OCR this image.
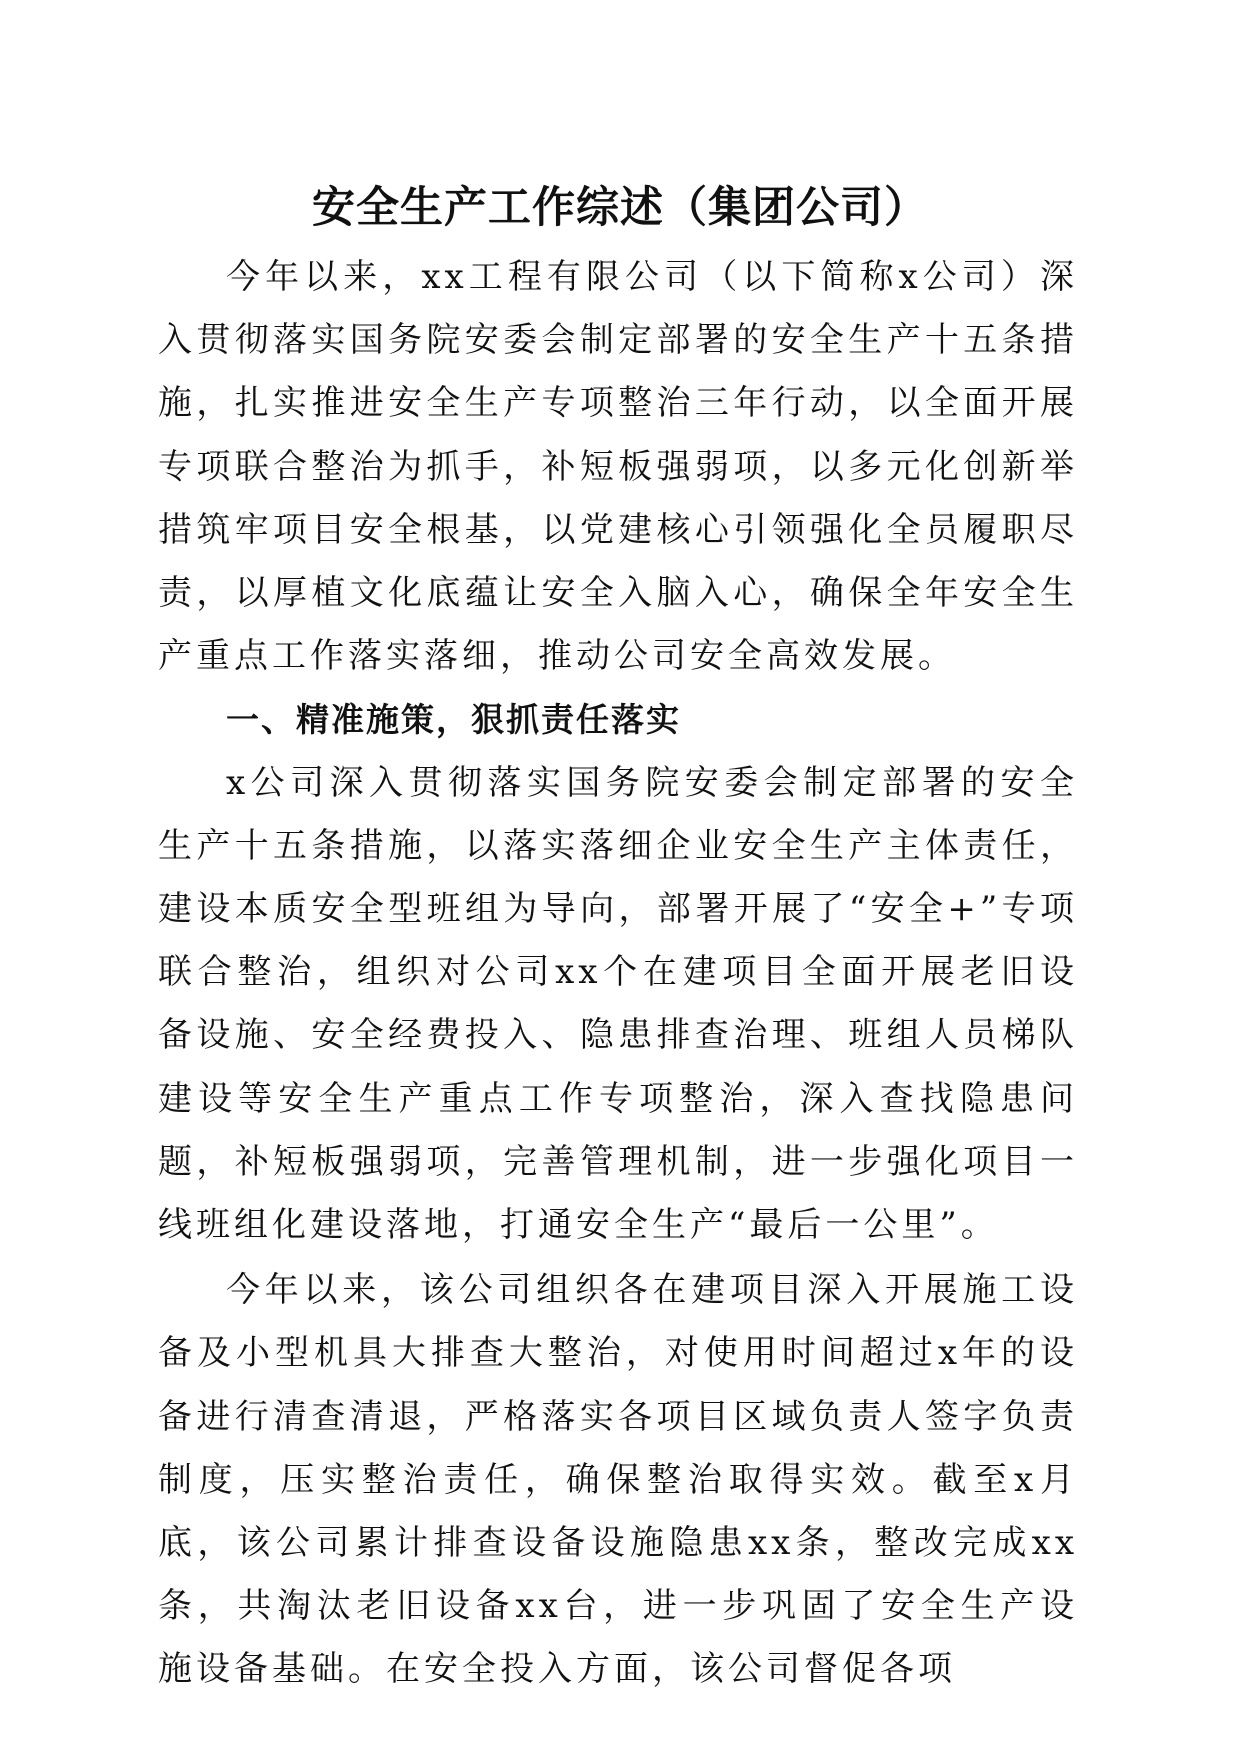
安全生产工作综述（集团公司）

今年以来，xx工程有限公司（以下简称x公司）深入贯彻落实国务院安委会制定部署的安全生产十五条措施，扎实推进安全生产专项整治三年行动，以全面开展专项联合整治为抓手，补短板强弱项，以多元化创新举措筑牢项目安全根基，以党建核心引领强化全员履职尽责，以厚植文化底蕴让安全入脑入心，确保全年安全生产重点工作落实落细，推动公司安全高效发展。

一、精准施策，狠抓责任落实

x公司深入贯彻落实国务院安委会制定部署的安全生产十五条措施，以落实落细企业安全生产主体责任，建设本质安全型班组为导向，部署开展了“安全+”专项联合整治，组织对公司xx个在建项目全面开展老旧设备设施、安全经费投入、隐患排查治理、班组人员梯队建设等安全生产重点工作专项整治，深入查找隐患问题，补短板强弱项，完善管理机制，进一步强化项目一线班组化建设落地，打通安全生产“最后一公里”。

今年以来，该公司组织各在建项目深入开展施工设备及小型机具大排查大整治，对使用时间超过x年的设备进行清查清退，严格落实各项目区域负责人签字负责制度，压实整治责任，确保整治取得实效。截至x月底，该公司累计排查设备设施隐患xx条，整改完成xx条，共淘汰老旧设备xx台，进一步巩固了安全生产设施设备基础。在安全投入方面，该公司督促各项
